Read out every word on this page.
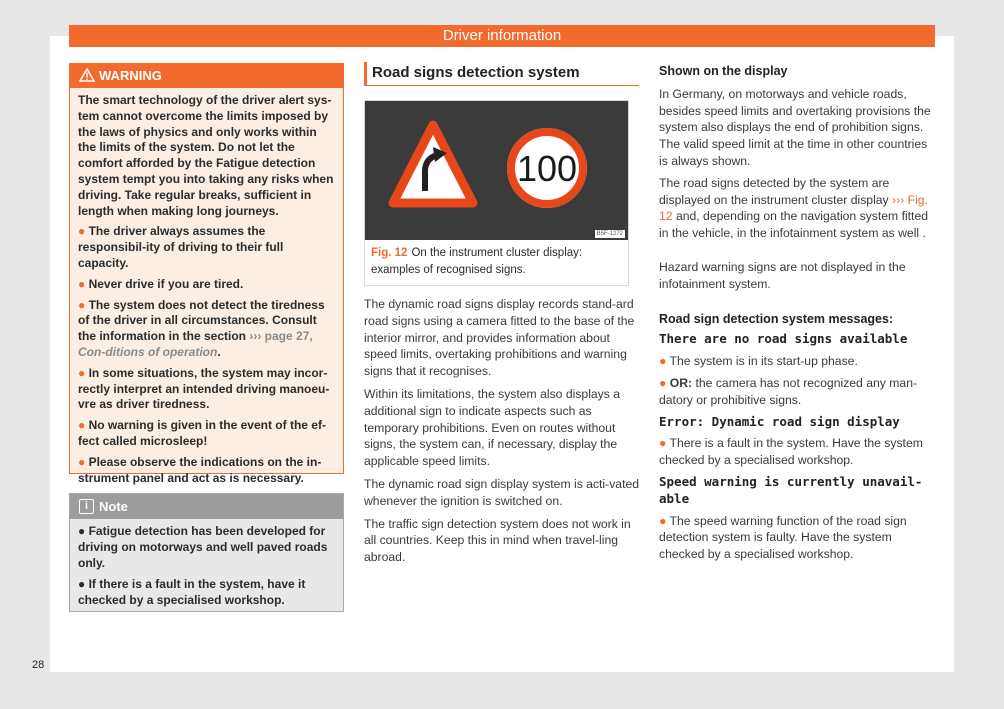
Driver information
WARNING

The smart technology of the driver alert sys-tem cannot overcome the limits imposed by the laws of physics and only works within the limits of the system. Do not let the comfort afforded by the Fatigue detection system tempt you into taking any risks when driving. Take regular breaks, sufficient in length when making long journeys.

● The driver always assumes the responsibil-ity of driving to their full capacity.

● Never drive if you are tired.

● The system does not detect the tiredness of the driver in all circumstances. Consult the information in the section ››› page 27, Con-ditions of operation.

● In some situations, the system may incor-rectly interpret an intended driving manoeu-vre as driver tiredness.

● No warning is given in the event of the ef-fect called microsleep!

● Please observe the indications on the in-strument panel and act as is necessary.

i Note

● Fatigue detection has been developed for driving on motorways and well paved roads only.

● If there is a fault in the system, have it checked by a specialised workshop.

28
Road signs detection system
100
B5F-1272
Fig. 12 On the instrument cluster display: examples of recognised signs.

The dynamic road signs display records stand-ard road signs using a camera fitted to the base of the interior mirror, and provides information about speed limits, overtaking prohibitions and warning signs that it recognises.

Within its limitations, the system also displays a additional sign to indicate aspects such as temporary prohibitions. Even on routes without signs, the system can, if necessary, display the applicable speed limits.

The dynamic road sign display system is acti-vated whenever the ignition is switched on.

The traffic sign detection system does not work in all countries. Keep this in mind when travel-ling abroad.

Shown on the display

In Germany, on motorways and vehicle roads, besides speed limits and overtaking provisions the system also displays the end of prohibition signs. The valid speed limit at the time in other countries is always shown.

The road signs detected by the system are displayed on the instrument cluster display ››› Fig. 12 and, depending on the navigation system fitted in the vehicle, in the infotainment system as well .

Hazard warning signs are not displayed in the infotainment system.

Road sign detection system messages:
There are no road signs available

● The system is in its start-up phase.

● OR: the camera has not recognized any man-datory or prohibitive signs.

Error: Dynamic road sign display

● There is a fault in the system. Have the system checked by a specialised workshop.

Speed warning is currently unavail-able

● The speed warning function of the road sign detection system is faulty. Have the system checked by a specialised workshop.
